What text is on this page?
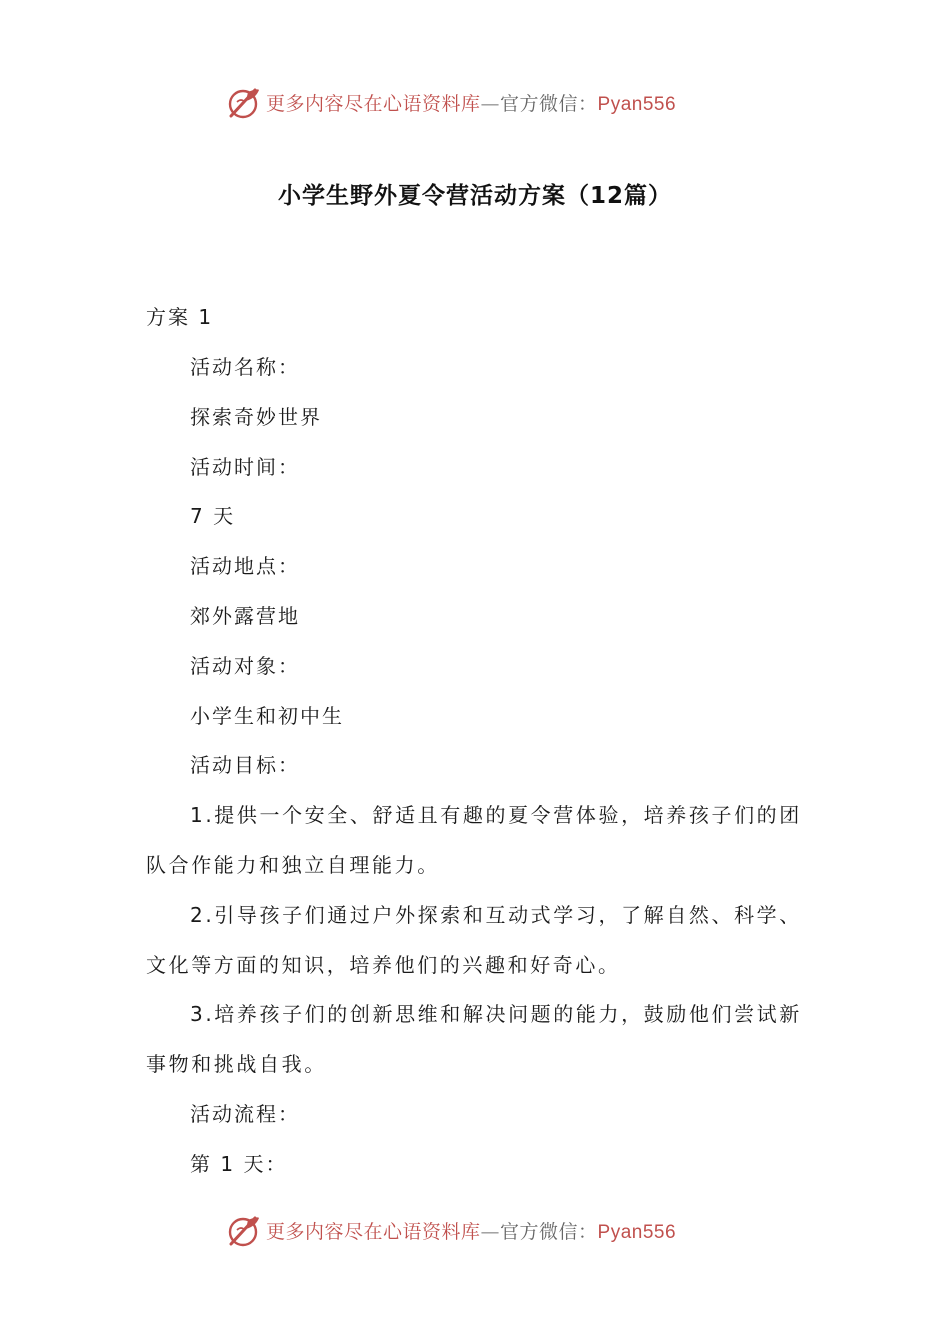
更多内容尽在心语资料库—官方微信：Pyan556
小学生野外夏令营活动方案（12篇）
方案 1
活动名称：
探索奇妙世界
活动时间：
7 天
活动地点：
郊外露营地
活动对象：
小学生和初中生
活动目标：
1.提供一个安全、舒适且有趣的夏令营体验，培养孩子们的团队合作能力和独立自理能力。
2.引导孩子们通过户外探索和互动式学习，了解自然、科学、文化等方面的知识，培养他们的兴趣和好奇心。
3.培养孩子们的创新思维和解决问题的能力，鼓励他们尝试新事物和挑战自我。
活动流程：
第 1 天：
更多内容尽在心语资料库—官方微信：Pyan556
